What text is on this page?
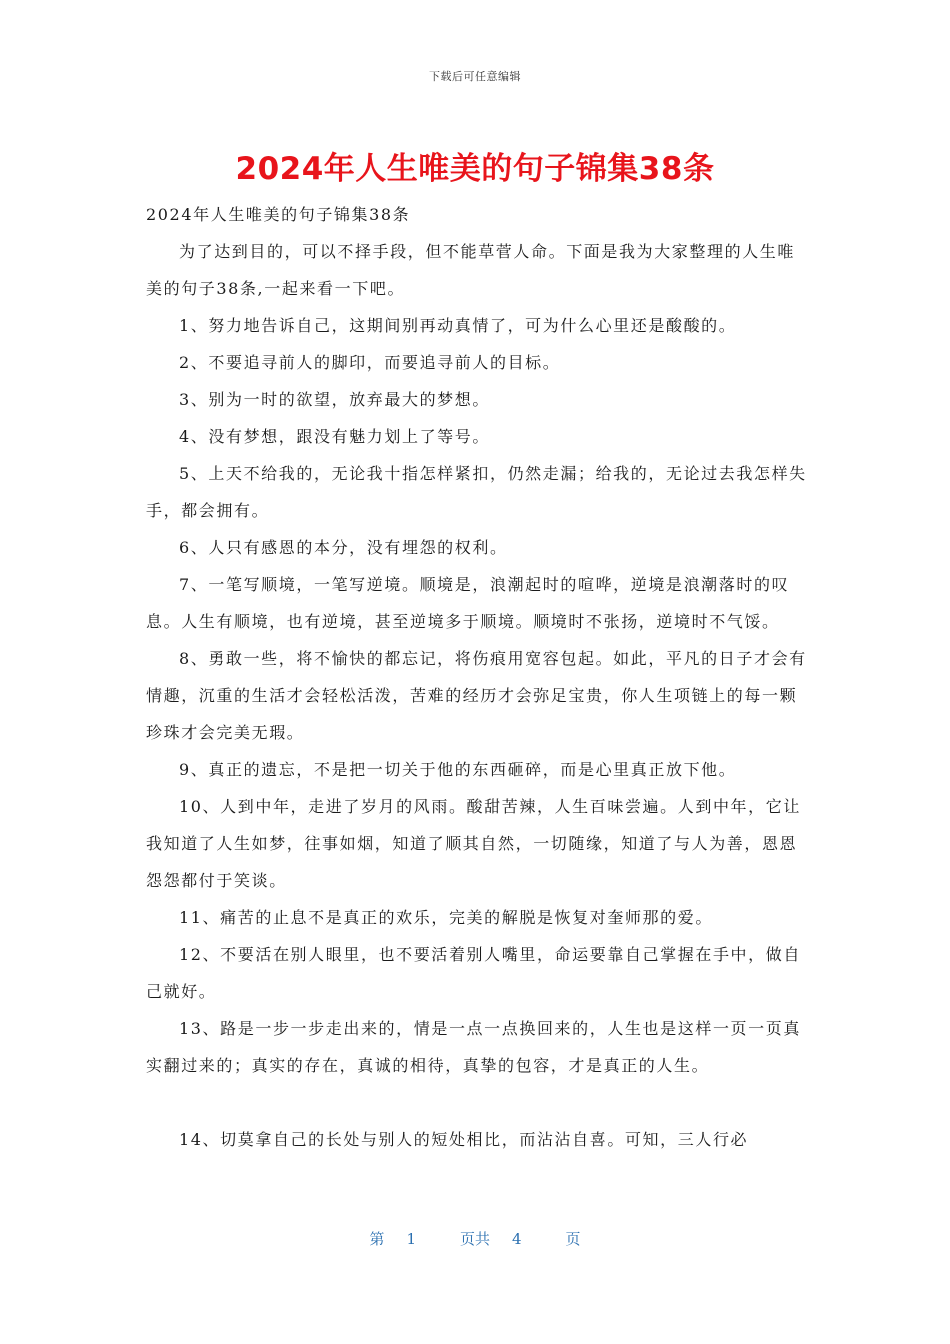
下载后可任意编辑
2024年人生唯美的句子锦集38条

2024年人生唯美的句子锦集38条

为了达到目的，可以不择手段，但不能草菅人命。下面是我为大家整理的人生唯美的句子38条,一起来看一下吧。

1、努力地告诉自己，这期间别再动真情了，可为什么心里还是酸酸的。

2、不要追寻前人的脚印，而要追寻前人的目标。

3、别为一时的欲望，放弃最大的梦想。

4、没有梦想，跟没有魅力划上了等号。

5、上天不给我的，无论我十指怎样紧扣，仍然走漏；给我的，无论过去我怎样失手，都会拥有。

6、人只有感恩的本分，没有埋怨的权利。

7、一笔写顺境，一笔写逆境。顺境是，浪潮起时的喧哗，逆境是浪潮落时的叹息。人生有顺境，也有逆境，甚至逆境多于顺境。顺境时不张扬，逆境时不气馁。

8、勇敢一些，将不愉快的都忘记，将伤痕用宽容包起。如此，平凡的日子才会有情趣，沉重的生活才会轻松活泼，苦难的经历才会弥足宝贵，你人生项链上的每一颗珍珠才会完美无瑕。

9、真正的遗忘，不是把一切关于他的东西砸碎，而是心里真正放下他。

10、人到中年，走进了岁月的风雨。酸甜苦辣，人生百味尝遍。人到中年，它让我知道了人生如梦，往事如烟，知道了顺其自然，一切随缘，知道了与人为善，恩恩怨怨都付于笑谈。

11、痛苦的止息不是真正的欢乐，完美的解脱是恢复对奎师那的爱。

12、不要活在别人眼里，也不要活着别人嘴里，命运要靠自己掌握在手中，做自己就好。

13、路是一步一步走出来的，情是一点一点换回来的，人生也是这样一页一页真实翻过来的；真实的存在，真诚的相待，真挚的包容，才是真正的人生。

14、切莫拿自己的长处与别人的短处相比，而沾沾自喜。可知，三人行必

第 1	页共 4	页
